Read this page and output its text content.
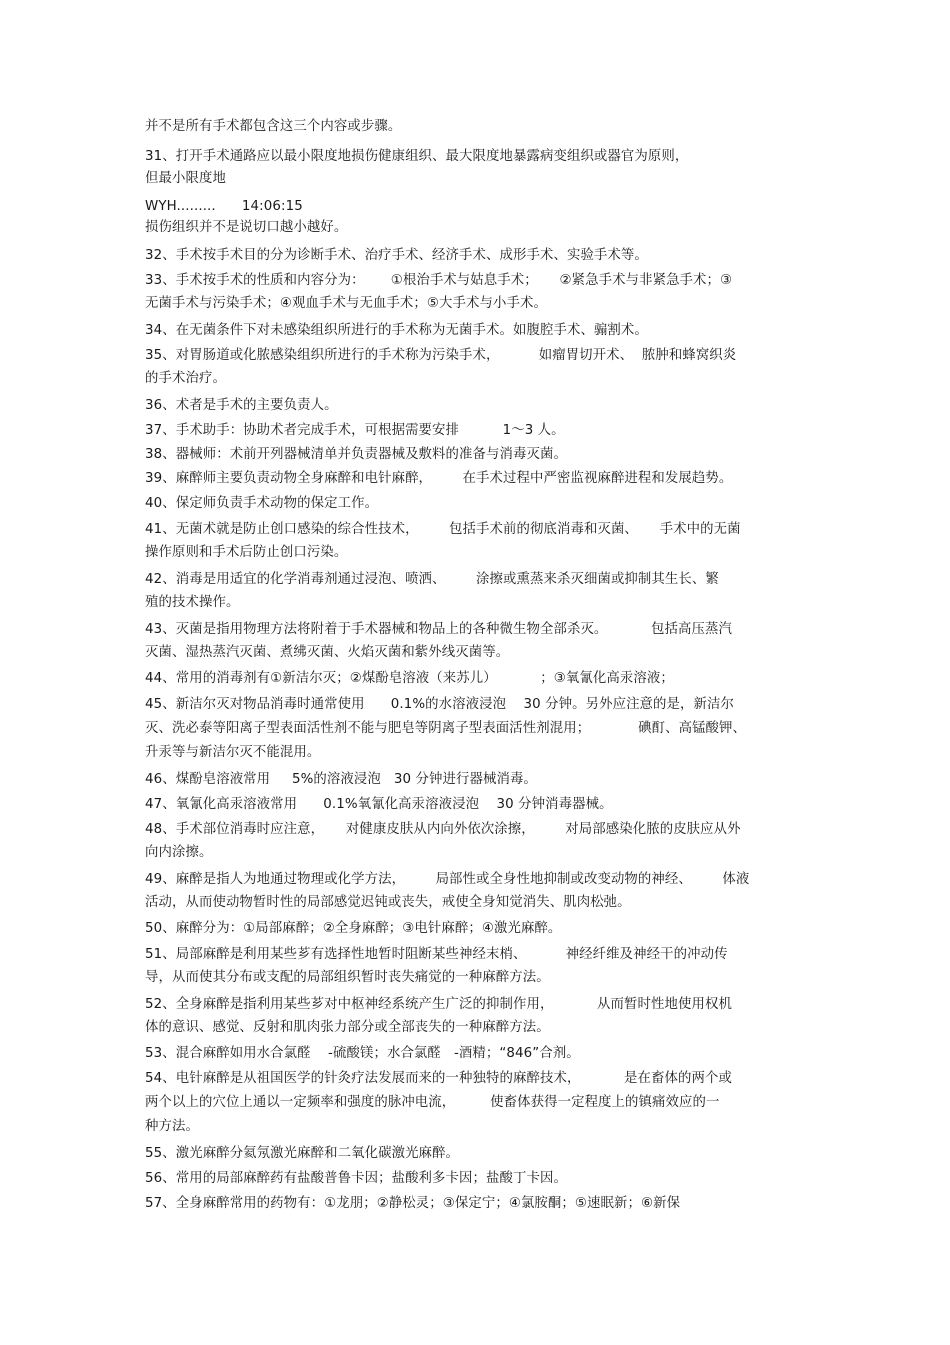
并不是所有手术都包含这三个内容或步骤。
31、打开手术通路应以最小限度地损伤健康组织、最大限度地暴露病变组织或器官为原则，
但最小限度地
WYH.........      14:06:15
损伤组织并不是说切口越小越好。
32、手术按手术目的分为诊断手术、治疗手术、经济手术、成形手术、实验手术等。
33、手术按手术的性质和内容分为：      ①根治手术与姑息手术；     ②紧急手术与非紧急手术；③
无菌手术与污染手术；④观血手术与无血手术；⑤大手术与小手术。
34、在无菌条件下对未感染组织所进行的手术称为无菌手术。如腹腔手术、骟割术。
35、对胃肠道或化脓感染组织所进行的手术称为污染手术，         如瘤胃切开术、  脓肿和蜂窝织炎
的手术治疗。
36、术者是手术的主要负责人。
37、手术助手：协助术者完成手术，可根据需要安排          1～3 人。
38、器械师：术前开列器械清单并负责器械及敷料的准备与消毒灭菌。
39、麻醉师主要负责动物全身麻醉和电针麻醉，       在手术过程中严密监视麻醉进程和发展趋势。
40、保定师负责手术动物的保定工作。
41、无菌术就是防止创口感染的综合性技术，       包括手术前的彻底消毒和灭菌、     手术中的无菌
操作原则和手术后防止创口污染。
42、消毒是用适宜的化学消毒剂通过浸泡、喷洒、       涂擦或熏蒸来杀灭细菌或抑制其生长、繁
殖的技术操作。
43、灭菌是指用物理方法将附着于手术器械和物品上的各种微生物全部杀灭。          包括高压蒸汽
灭菌、湿热蒸汽灭菌、煮绋灭菌、火焰灭菌和紫外线灭菌等。
44、常用的消毒剂有①新洁尔灭；②煤酚皂溶液（来苏儿）          ；③氧氰化高汞溶液；
45、新洁尔灭对物品消毒时通常使用      0.1%的水溶液浸泡    30 分钟。另外应注意的是，新洁尔
灭、洗必泰等阳离子型表面活性剂不能与肥皂等阴离子型表面活性剂混用；           碘酊、高锰酸钾、
升汞等与新洁尔灭不能混用。
46、煤酚皂溶液常用     5%的溶液浸泡   30 分钟进行器械消毒。
47、氧氰化高汞溶液常用      0.1%氧氰化高汞溶液浸泡    30 分钟消毒器械。
48、手术部位消毒时应注意，     对健康皮肤从内向外依次涂擦，       对局部感染化脓的皮肤应从外
向内涂擦。
49、麻醉是指人为地通过物理或化学方法，       局部性或全身性地抑制或改变动物的神经、       体液
活动，从而使动物暂时性的局部感觉迟钝或丧失，戒使全身知觉消失、肌肉松弛。
50、麻醉分为：①局部麻醉；②全身麻醉；③电针麻醉；④激光麻醉。
51、局部麻醉是利用某些芗有选择性地暂时阻断某些神经末梢、         神经纤维及神经干的冲动传
导，从而使其分布或支配的局部组织暂时丧失痛觉的一种麻醉方法。
52、全身麻醉是指利用某些芗对中枢神经系统产生广泛的抑制作用，          从而暂时性地使用权机
体的意识、感觉、反射和肌肉张力部分或全部丧失的一种麻醉方法。
53、混合麻醉如用水合氯醛    -硫酸镁；水合氯醛   -酒精；“846”合剂。
54、电针麻醉是从祖国医学的针灸疗法发展而来的一种独特的麻醉技术，          是在畜体的两个或
两个以上的穴位上通以一定频率和强度的脉冲电流，        使畜体获得一定程度上的镇痛效应的一
种方法。
55、激光麻醉分氦氖激光麻醉和二氧化碳激光麻醉。
56、常用的局部麻醉药有盐酸普鲁卡因；盐酸利多卡因；盐酸丁卡因。
57、全身麻醉常用的药物有：①龙朋；②静松灵；③保定宁；④氯胺酮；⑤速眠新；⑥新保
